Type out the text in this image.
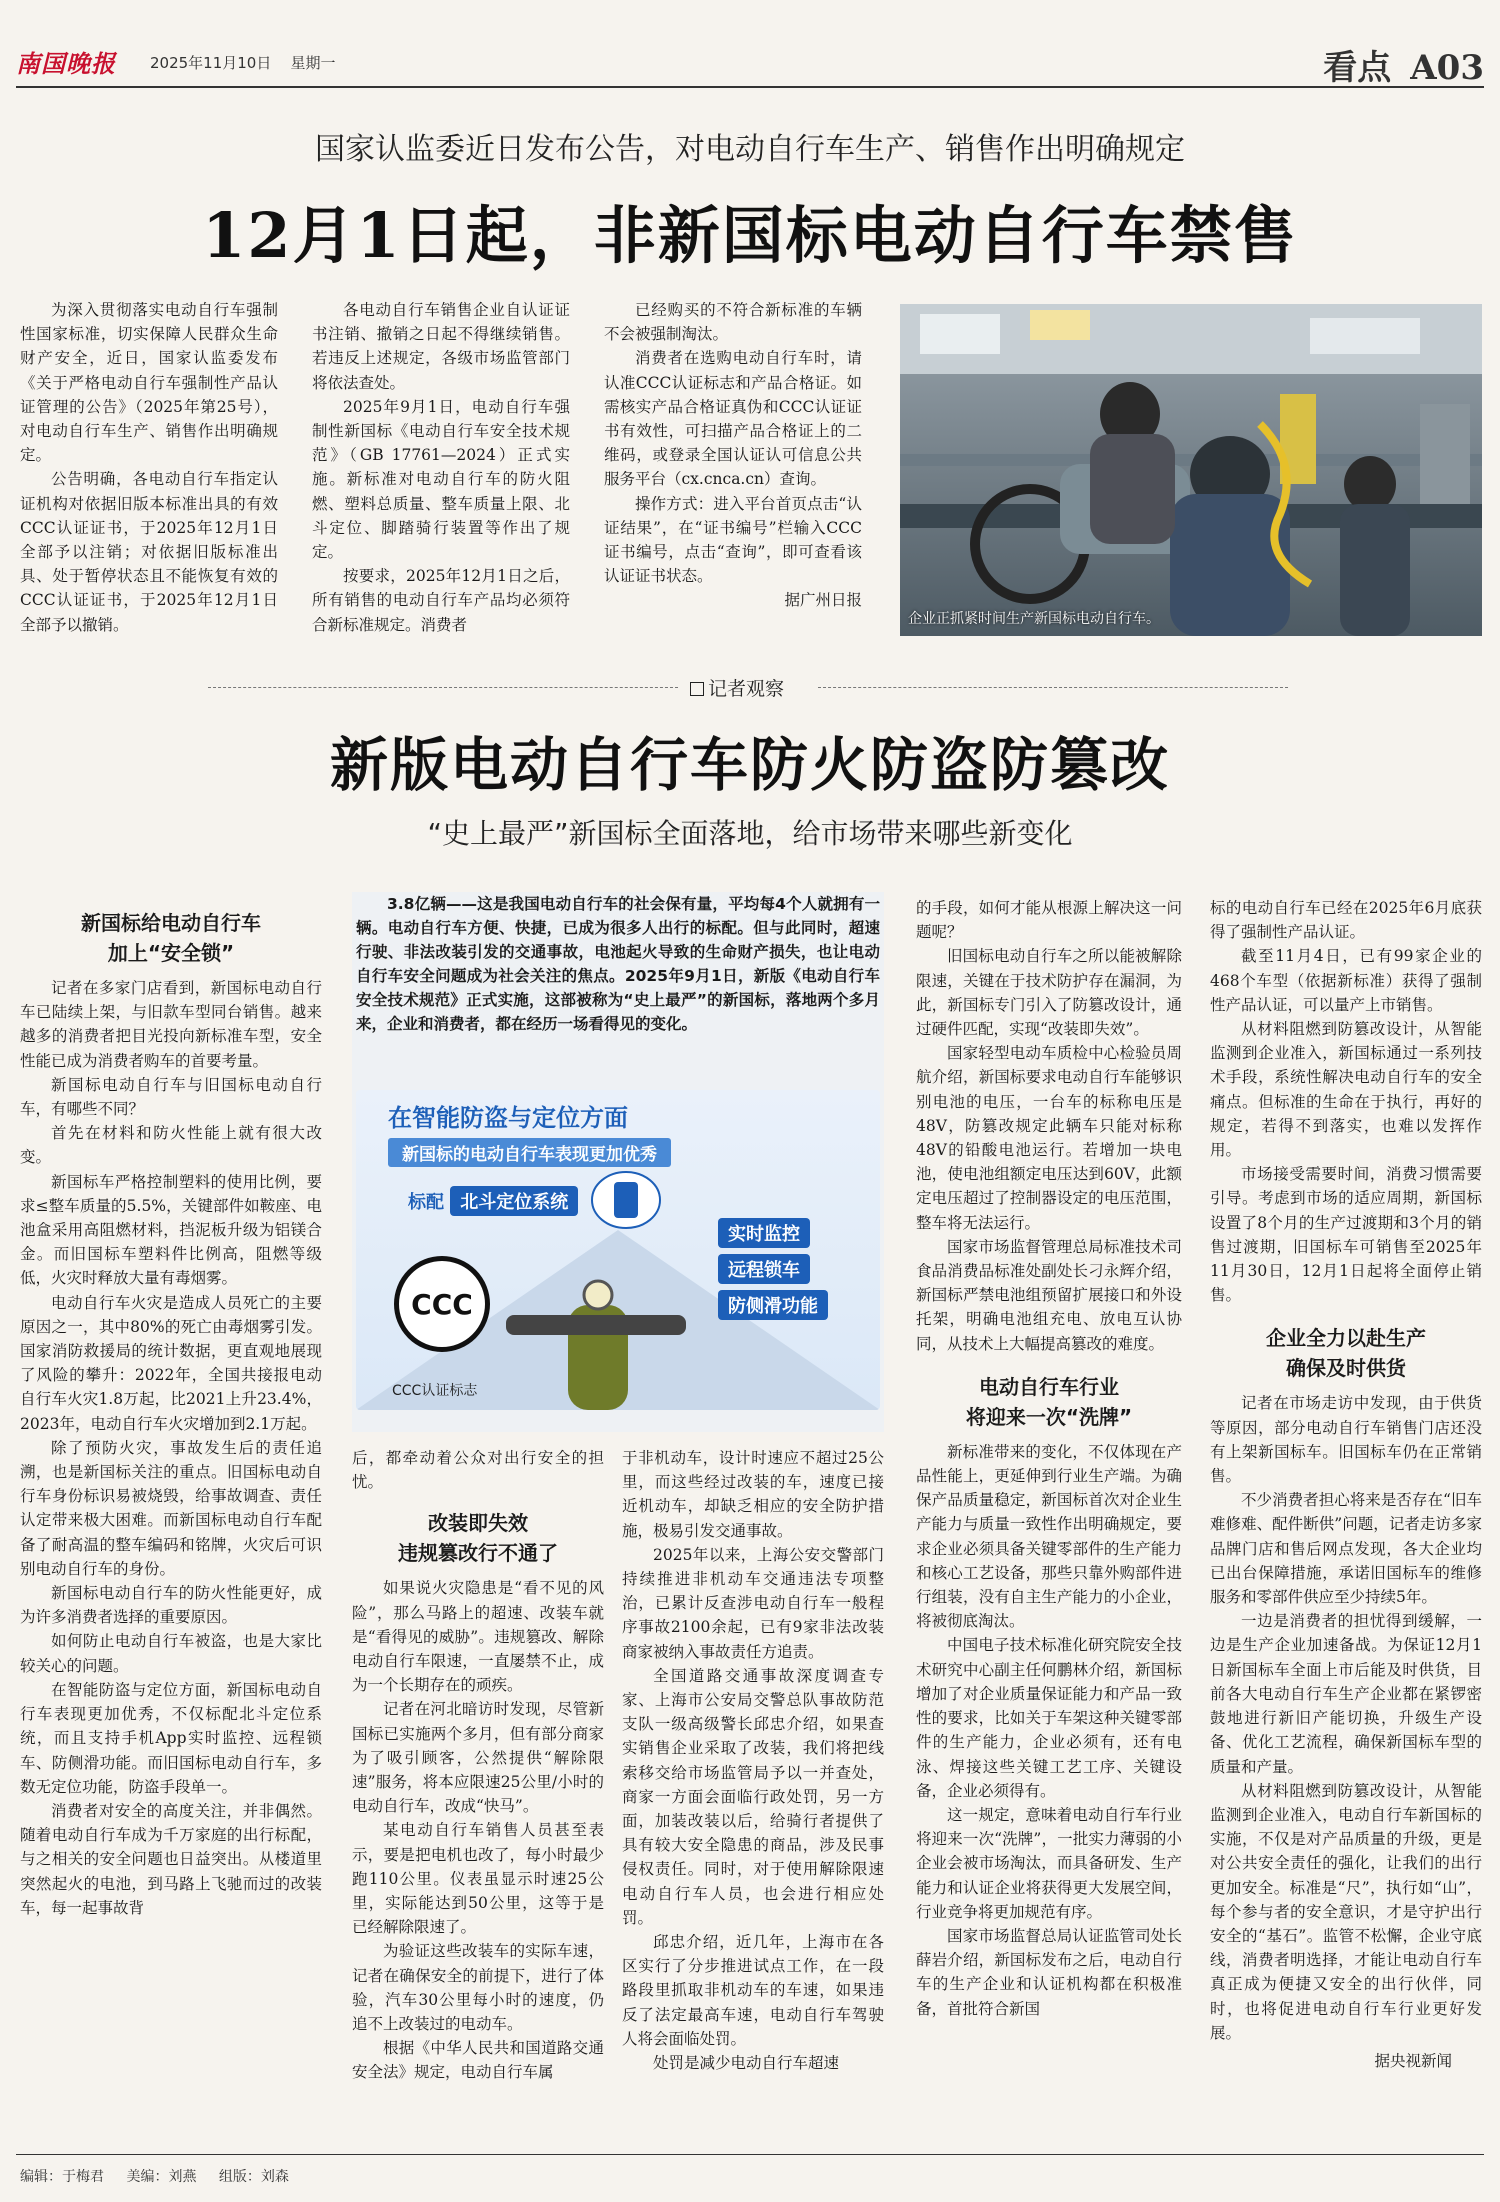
南国晚报 2025年11月10日 星期一	看点 A03
国家认监委近日发布公告，对电动自行车生产、销售作出明确规定
12月1日起，非新国标电动自行车禁售

为深入贯彻落实电动自行车强制性国家标准，切实保障人民群众生命财产安全，近日，国家认监委发布《关于严格电动自行车强制性产品认证管理的公告》（2025年第25号），对电动自行车生产、销售作出明确规定。

公告明确，各电动自行车指定认证机构对依据旧版本标准出具的有效CCC认证证书，于2025年12月1日全部予以注销；对依据旧版标准出具、处于暂停状态且不能恢复有效的CCC认证证书，于2025年12月1日全部予以撤销。

各电动自行车销售企业自认证证书注销、撤销之日起不得继续销售。若违反上述规定，各级市场监管部门将依法查处。

2025年9月1日，电动自行车强制性新国标《电动自行车安全技术规范》（GB 17761—2024）正式实施。新标准对电动自行车的防火阻燃、塑料总质量、整车质量上限、北斗定位、脚踏骑行装置等作出了规定。

按要求，2025年12月1日之后，所有销售的电动自行车产品均必须符合新标准规定。消费者

已经购买的不符合新标准的车辆不会被强制淘汰。

消费者在选购电动自行车时，请认准CCC认证标志和产品合格证。如需核实产品合格证真伪和CCC认证证书有效性，可扫描产品合格证上的二维码，或登录全国认证认可信息公共服务平台（cx.cnca.cn）查询。

操作方式：进入平台首页点击“认证结果”，在“证书编号”栏输入CCC证书编号，点击“查询”，即可查看该认证证书状态。

据广州日报

企业正抓紧时间生产新国标电动自行车。
记者观察
新版电动自行车防火防盗防篡改
“史上最严”新国标全面落地，给市场带来哪些新变化
新国标给电动自行车
加上“安全锁”

记者在多家门店看到，新国标电动自行车已陆续上架，与旧款车型同台销售。越来越多的消费者把目光投向新标准车型，安全性能已成为消费者购车的首要考量。

新国标电动自行车与旧国标电动自行车，有哪些不同？

首先在材料和防火性能上就有很大改变。

新国标车严格控制塑料的使用比例，要求≤整车质量的5.5%，关键部件如鞍座、电池盒采用高阻燃材料，挡泥板升级为铝镁合金。而旧国标车塑料件比例高，阻燃等级低，火灾时释放大量有毒烟雾。

电动自行车火灾是造成人员死亡的主要原因之一，其中80%的死亡由毒烟雾引发。国家消防救援局的统计数据，更直观地展现了风险的攀升：2022年，全国共接报电动自行车火灾1.8万起，比2021上升23.4%，2023年，电动自行车火灾增加到2.1万起。

除了预防火灾，事故发生后的责任追溯，也是新国标关注的重点。旧国标电动自行车身份标识易被烧毁，给事故调查、责任认定带来极大困难。而新国标电动自行车配备了耐高温的整车编码和铭牌，火灾后可识别电动自行车的身份。

新国标电动自行车的防火性能更好，成为许多消费者选择的重要原因。

如何防止电动自行车被盗，也是大家比较关心的问题。

在智能防盗与定位方面，新国标电动自行车表现更加优秀，不仅标配北斗定位系统，而且支持手机App实时监控、远程锁车、防侧滑功能。而旧国标电动自行车，多数无定位功能，防盗手段单一。

消费者对安全的高度关注，并非偶然。随着电动自行车成为千万家庭的出行标配，与之相关的安全问题也日益突出。从楼道里突然起火的电池，到马路上飞驰而过的改装车，每一起事故背

3.8亿辆——这是我国电动自行车的社会保有量，平均每4个人就拥有一辆。电动自行车方便、快捷，已成为很多人出行的标配。但与此同时，超速行驶、非法改装引发的交通事故，电池起火导致的生命财产损失，也让电动自行车安全问题成为社会关注的焦点。2025年9月1日，新版《电动自行车安全技术规范》正式实施，这部被称为“史上最严”的新国标，落地两个多月来，企业和消费者，都在经历一场看得见的变化。

在智能防盗与定位方面
新国标的电动自行车表现更加优秀
标配 北斗定位系统
实时监控 远程锁车 防侧滑功能
CCC
CCC认证标志

后，都牵动着公众对出行安全的担忧。

改装即失效
违规篡改行不通了

如果说火灾隐患是“看不见的风险”，那么马路上的超速、改装车就是“看得见的威胁”。违规篡改、解除电动自行车限速，一直屡禁不止，成为一个长期存在的顽疾。

记者在河北暗访时发现，尽管新国标已实施两个多月，但有部分商家为了吸引顾客，公然提供“解除限速”服务，将本应限速25公里/小时的电动自行车，改成“快马”。

某电动自行车销售人员甚至表示，要是把电机也改了，每小时最少跑110公里。仪表虽显示时速25公里，实际能达到50公里，这等于是已经解除限速了。

为验证这些改装车的实际车速，记者在确保安全的前提下，进行了体验，汽车30公里每小时的速度，仍追不上改装过的电动车。

根据《中华人民共和国道路交通安全法》规定，电动自行车属

于非机动车，设计时速应不超过25公里，而这些经过改装的车，速度已接近机动车，却缺乏相应的安全防护措施，极易引发交通事故。

2025年以来，上海公安交警部门持续推进非机动车交通违法专项整治，已累计反查涉电动自行车一般程序事故2100余起，已有9家非法改装商家被纳入事故责任方追责。

全国道路交通事故深度调查专家、上海市公安局交警总队事故防范支队一级高级警长邱忠介绍，如果查实销售企业采取了改装，我们将把线索移交给市场监管局予以一并查处，商家一方面会面临行政处罚，另一方面，加装改装以后，给骑行者提供了具有较大安全隐患的商品，涉及民事侵权责任。同时，对于使用解除限速电动自行车人员，也会进行相应处罚。

邱忠介绍，近几年，上海市在各区实行了分步推进试点工作，在一段路段里抓取非机动车的车速，如果违反了法定最高车速，电动自行车驾驶人将会面临处罚。

处罚是减少电动自行车超速

的手段，如何才能从根源上解决这一问题呢？

旧国标电动自行车之所以能被解除限速，关键在于技术防护存在漏洞，为此，新国标专门引入了防篡改设计，通过硬件匹配，实现“改装即失效”。

国家轻型电动车质检中心检验员周航介绍，新国标要求电动自行车能够识别电池的电压，一台车的标称电压是48V，防篡改规定此辆车只能对标称48V的铅酸电池运行。若增加一块电池，使电池组额定电压达到60V，此额定电压超过了控制器设定的电压范围，整车将无法运行。

国家市场监督管理总局标准技术司食品消费品标准处副处长刁永辉介绍，新国标严禁电池组预留扩展接口和外设托架，明确电池组充电、放电互认协同，从技术上大幅提高篡改的难度。

电动自行车行业
将迎来一次“洗牌”

新标准带来的变化，不仅体现在产品性能上，更延伸到行业生产端。为确保产品质量稳定，新国标首次对企业生产能力与质量一致性作出明确规定，要求企业必须具备关键零部件的生产能力和核心工艺设备，那些只靠外购部件进行组装，没有自主生产能力的小企业，将被彻底淘汰。

中国电子技术标准化研究院安全技术研究中心副主任何鹏林介绍，新国标增加了对企业质量保证能力和产品一致性的要求，比如关于车架这种关键零部件的生产能力，企业必须有，还有电泳、焊接这些关键工艺工序、关键设备，企业必须得有。

这一规定，意味着电动自行车行业将迎来一次“洗牌”，一批实力薄弱的小企业会被市场淘汰，而具备研发、生产能力和认证企业将获得更大发展空间，行业竞争将更加规范有序。

国家市场监督总局认证监管司处长薛岩介绍，新国标发布之后，电动自行车的生产企业和认证机构都在积极准备，首批符合新国

标的电动自行车已经在2025年6月底获得了强制性产品认证。

截至11月4日，已有99家企业的468个车型（依据新标准）获得了强制性产品认证，可以量产上市销售。

从材料阻燃到防篡改设计，从智能监测到企业准入，新国标通过一系列技术手段，系统性解决电动自行车的安全痛点。但标准的生命在于执行，再好的规定，若得不到落实，也难以发挥作用。

市场接受需要时间，消费习惯需要引导。考虑到市场的适应周期，新国标设置了8个月的生产过渡期和3个月的销售过渡期，旧国标车可销售至2025年11月30日，12月1日起将全面停止销售。

企业全力以赴生产
确保及时供货

记者在市场走访中发现，由于供货等原因，部分电动自行车销售门店还没有上架新国标车。旧国标车仍在正常销售。

不少消费者担心将来是否存在“旧车难修难、配件断供”问题，记者走访多家品牌门店和售后网点发现，各大企业均已出台保障措施，承诺旧国标车的维修服务和零部件供应至少持续5年。

一边是消费者的担忧得到缓解，一边是生产企业加速备战。为保证12月1日新国标车全面上市后能及时供货，目前各大电动自行车生产企业都在紧锣密鼓地进行新旧产能切换，升级生产设备、优化工艺流程，确保新国标车型的质量和产量。

从材料阻燃到防篡改设计，从智能监测到企业准入，电动自行车新国标的实施，不仅是对产品质量的升级，更是对公共安全责任的强化，让我们的出行更加安全。标准是“尺”，执行如“山”，每个参与者的安全意识，才是守护出行安全的“基石”。监管不松懈，企业守底线，消费者明选择，才能让电动自行车真正成为便捷又安全的出行伙伴，同时，也将促进电动自行车行业更好发展。

据央视新闻

编辑：于梅君 美编：刘燕 组版：刘森
